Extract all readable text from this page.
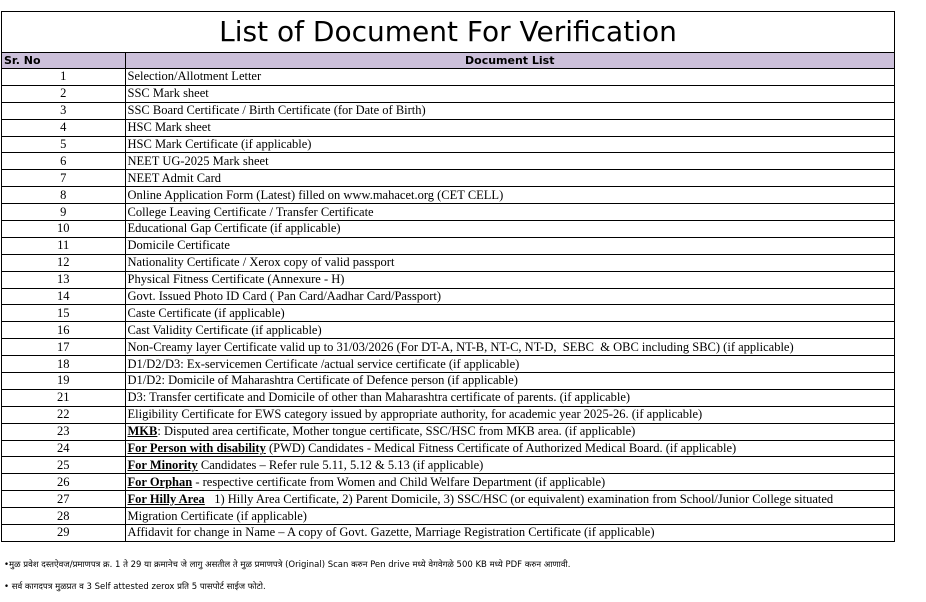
List of Document For Verification
Sr. No	Document List
1	Selection/Allotment Letter
2	SSC Mark sheet
3	SSC Board Certificate / Birth Certificate (for Date of Birth)
4	HSC Mark sheet
5	HSC Mark Certificate (if applicable)
6	NEET UG-2025 Mark sheet
7	NEET Admit Card
8	Online Application Form (Latest) filled on www.mahacet.org (CET CELL)
9	College Leaving Certificate / Transfer Certificate
10	Educational Gap Certificate (if applicable)
11	Domicile Certificate
12	Nationality Certificate / Xerox copy of valid passport
13	Physical Fitness Certificate (Annexure - H)
14	Govt. Issued Photo ID Card ( Pan Card/Aadhar Card/Passport)
15	Caste Certificate (if applicable)
16	Cast Validity Certificate (if applicable)
17	Non-Creamy layer Certificate valid up to 31/03/2026 (For DT-A, NT-B, NT-C, NT-D,  SEBC  & OBC including SBC) (if applicable)
18	D1/D2/D3: Ex-servicemen Certificate /actual service certificate (if applicable)
19	D1/D2: Domicile of Maharashtra Certificate of Defence person (if applicable)
21	D3: Transfer certificate and Domicile of other than Maharashtra certificate of parents. (if applicable)
22	Eligibility Certificate for EWS category issued by appropriate authority, for academic year 2025-26. (if applicable)
23	MKB: Disputed area certificate, Mother tongue certificate, SSC/HSC from MKB area. (if applicable)
24	For Person with disability (PWD) Candidates - Medical Fitness Certificate of Authorized Medical Board. (if applicable)
25	For Minority Candidates – Refer rule 5.11, 5.12 & 5.13 (if applicable)
26	For Orphan - respective certificate from Women and Child Welfare Department (if applicable)
27	For Hilly Area   1) Hilly Area Certificate, 2) Parent Domicile, 3) SSC/HSC (or equivalent) examination from School/Junior College situated
28	Migration Certificate (if applicable)
29	Affidavit for change in Name – A copy of Govt. Gazette, Marriage Registration Certificate (if applicable)
•मुळ प्रवेश दस्तऐवज/प्रमाणपत्र क्र. 1 ते 29 या क्रमानेच जे लागु असतील ते मुळ प्रमाणपत्रे (Original) Scan करुन Pen drive मध्ये वेगवेगळे 500 KB मध्ये PDF करुन आणावी.
• सर्व कागदपत्र मुळप्रत व 3 Self attested zerox प्रति 5 पासपोर्ट साईज फोटो.
